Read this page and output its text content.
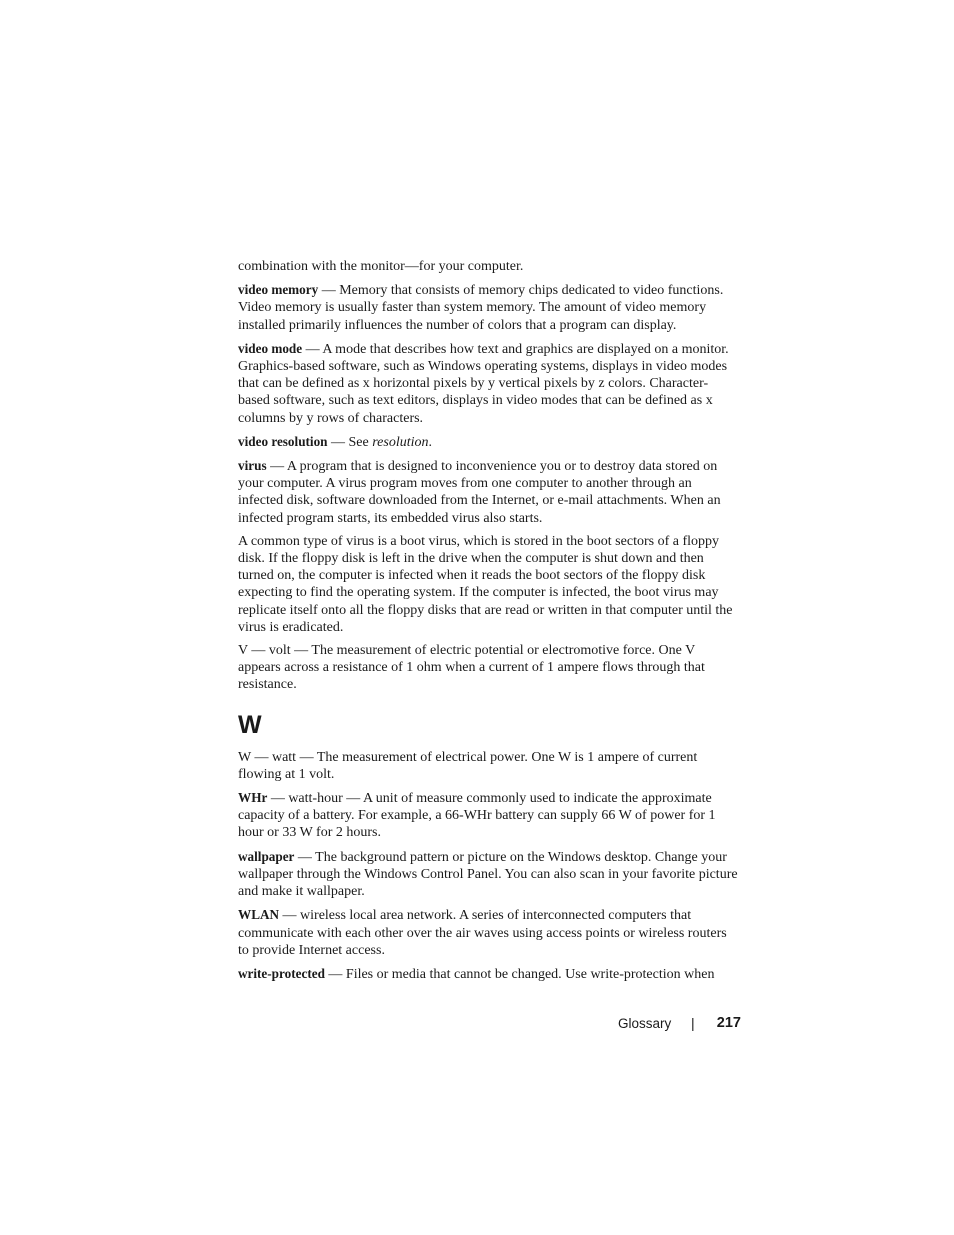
combination with the monitor—for your computer.

video memory — Memory that consists of memory chips dedicated to video functions. Video memory is usually faster than system memory. The amount of video memory installed primarily influences the number of colors that a program can display.

video mode — A mode that describes how text and graphics are displayed on a monitor. Graphics-based software, such as Windows operating systems, displays in video modes that can be defined as x horizontal pixels by y vertical pixels by z colors. Character-based software, such as text editors, displays in video modes that can be defined as x columns by y rows of characters.

video resolution — See resolution.

virus — A program that is designed to inconvenience you or to destroy data stored on your computer. A virus program moves from one computer to another through an infected disk, software downloaded from the Internet, or e-mail attachments. When an infected program starts, its embedded virus also starts.

A common type of virus is a boot virus, which is stored in the boot sectors of a floppy disk. If the floppy disk is left in the drive when the computer is shut down and then turned on, the computer is infected when it reads the boot sectors of the floppy disk expecting to find the operating system. If the computer is infected, the boot virus may replicate itself onto all the floppy disks that are read or written in that computer until the virus is eradicated.

V — volt — The measurement of electric potential or electromotive force. One V appears across a resistance of 1 ohm when a current of 1 ampere flows through that resistance.

W

W — watt — The measurement of electrical power. One W is 1 ampere of current flowing at 1 volt.

WHr — watt-hour — A unit of measure commonly used to indicate the approximate capacity of a battery. For example, a 66-WHr battery can supply 66 W of power for 1 hour or 33 W for 2 hours.

wallpaper — The background pattern or picture on the Windows desktop. Change your wallpaper through the Windows Control Panel. You can also scan in your favorite picture and make it wallpaper.

WLAN — wireless local area network. A series of interconnected computers that communicate with each other over the air waves using access points or wireless routers to provide Internet access.

write-protected — Files or media that cannot be changed. Use write-protection when

Glossary | 217
